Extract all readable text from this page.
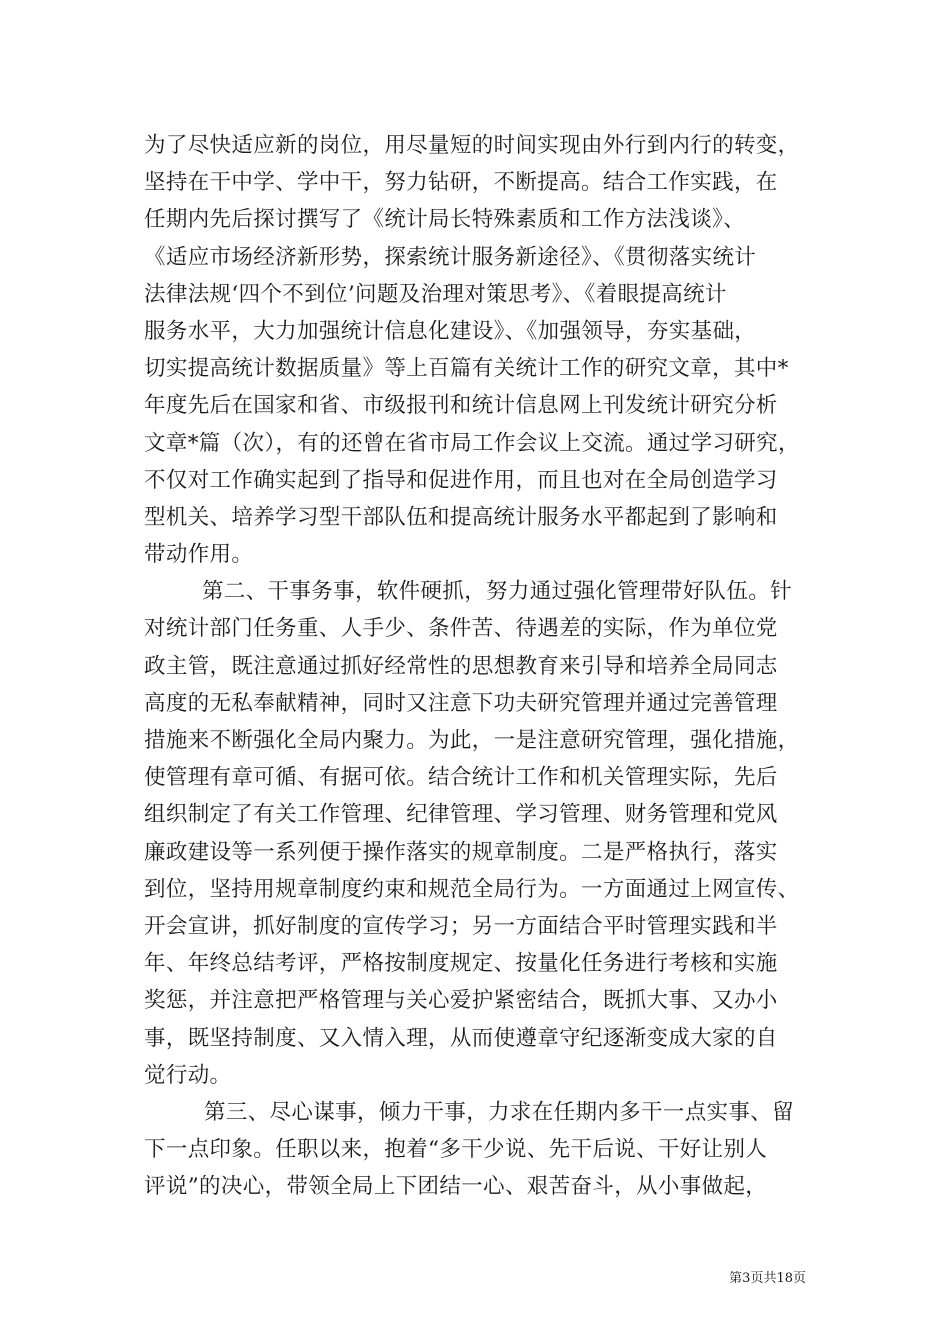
为了尽快适应新的岗位，用尽量短的时间实现由外行到内行的转变，
坚持在干中学、学中干，努力钻研，不断提高。结合工作实践，在
任期内先后探讨撰写了《统计局长特殊素质和工作方法浅谈》、
《适应市场经济新形势，探索统计服务新途径》、《贯彻落实统计
法律法规‘四个不到位’问题及治理对策思考》、《着眼提高统计
服务水平，大力加强统计信息化建设》、《加强领导，夯实基础，
切实提高统计数据质量》等上百篇有关统计工作的研究文章，其中*
年度先后在国家和省、市级报刊和统计信息网上刊发统计研究分析
文章*篇（次），有的还曾在省市局工作会议上交流。通过学习研究，
不仅对工作确实起到了指导和促进作用，而且也对在全局创造学习
型机关、培养学习型干部队伍和提高统计服务水平都起到了影响和
带动作用。
第二、干事务事，软件硬抓，努力通过强化管理带好队伍。针
对统计部门任务重、人手少、条件苦、待遇差的实际，作为单位党
政主管，既注意通过抓好经常性的思想教育来引导和培养全局同志
高度的无私奉献精神，同时又注意下功夫研究管理并通过完善管理
措施来不断强化全局内聚力。为此，一是注意研究管理，强化措施，
使管理有章可循、有据可依。结合统计工作和机关管理实际，先后
组织制定了有关工作管理、纪律管理、学习管理、财务管理和党风
廉政建设等一系列便于操作落实的规章制度。二是严格执行，落实
到位，坚持用规章制度约束和规范全局行为。一方面通过上网宣传、
开会宣讲，抓好制度的宣传学习；另一方面结合平时管理实践和半
年、年终总结考评，严格按制度规定、按量化任务进行考核和实施
奖惩，并注意把严格管理与关心爱护紧密结合，既抓大事、又办小
事，既坚持制度、又入情入理，从而使遵章守纪逐渐变成大家的自
觉行动。
第三、尽心谋事，倾力干事，力求在任期内多干一点实事、留
下一点印象。任职以来，抱着“多干少说、先干后说、干好让别人
评说”的决心，带领全局上下团结一心、艰苦奋斗，从小事做起，
第3页共18页
